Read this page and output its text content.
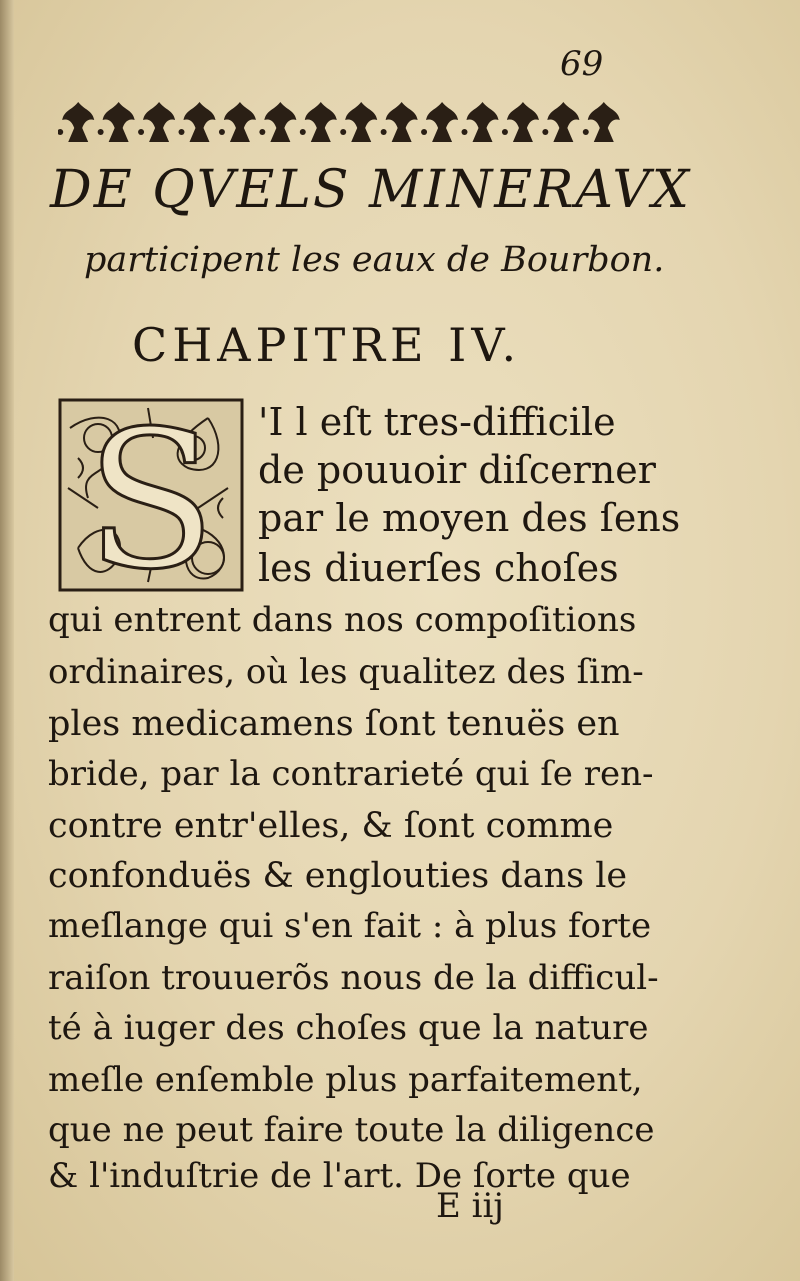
69
DE QVELS MINERAVX
participent les eaux de Bourbon.
CHAPITRE IV.
S 'I l eſt tres-difficile
de pouuoir diſcerner
par le moyen des ſens
les diuerſes choſes
qui entrent dans nos compoſitions
ordinaires, où les qualitez des ſim-
ples medicamens ſont tenuës en
bride, par la contrarieté qui ſe ren-
contre entr'elles, & ſont comme
confonduës & englouties dans le
meſlange qui s'en fait : à plus forte
raiſon trouuerõs nous de la difficul-
té à iuger des choſes que la nature
meſle enſemble plus parfaitement,
que ne peut faire toute la diligence
& l'induſtrie de l'art. De ſorte que
E iij
